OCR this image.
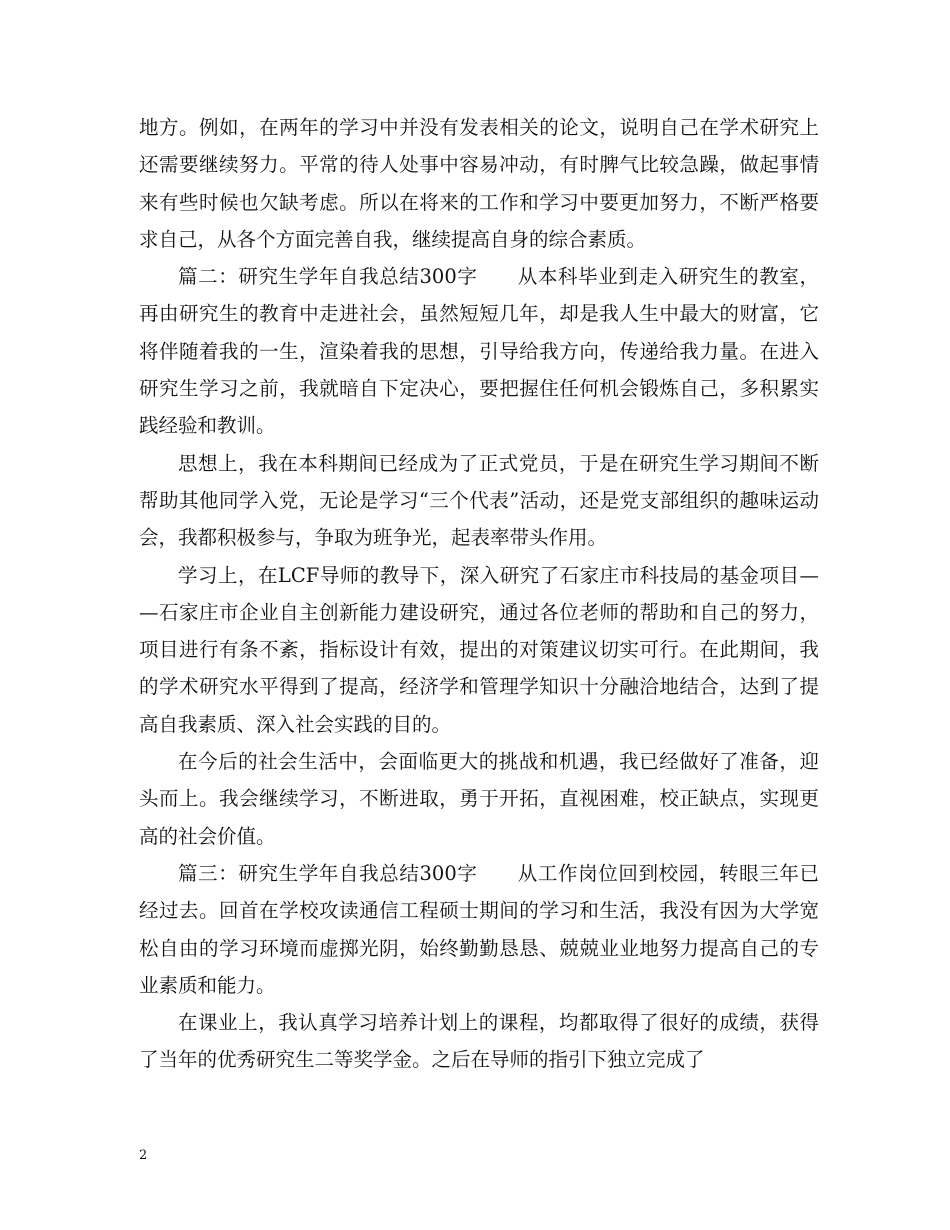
地方。例如，在两年的学习中并没有发表相关的论文，说明自己在学术研究上还需要继续努力。平常的待人处事中容易冲动，有时脾气比较急躁，做起事情来有些时候也欠缺考虑。所以在将来的工作和学习中要更加努力，不断严格要求自己，从各个方面完善自我，继续提高自身的综合素质。

篇二：研究生学年自我总结300字　　从本科毕业到走入研究生的教室，再由研究生的教育中走进社会，虽然短短几年，却是我人生中最大的财富，它将伴随着我的一生，渲染着我的思想，引导给我方向，传递给我力量。在进入研究生学习之前，我就暗自下定决心，要把握住任何机会锻炼自己，多积累实践经验和教训。

思想上，我在本科期间已经成为了正式党员，于是在研究生学习期间不断帮助其他同学入党，无论是学习“三个代表”活动，还是党支部组织的趣味运动会，我都积极参与，争取为班争光，起表率带头作用。

学习上，在LCF导师的教导下，深入研究了石家庄市科技局的基金项目——石家庄市企业自主创新能力建设研究，通过各位老师的帮助和自己的努力，项目进行有条不紊，指标设计有效，提出的对策建议切实可行。在此期间，我的学术研究水平得到了提高，经济学和管理学知识十分融洽地结合，达到了提高自我素质、深入社会实践的目的。

在今后的社会生活中，会面临更大的挑战和机遇，我已经做好了准备，迎头而上。我会继续学习，不断进取，勇于开拓，直视困难，校正缺点，实现更高的社会价值。

篇三：研究生学年自我总结300字　　从工作岗位回到校园，转眼三年已经过去。回首在学校攻读通信工程硕士期间的学习和生活，我没有因为大学宽松自由的学习环境而虚掷光阴，始终勤勤恳恳、兢兢业业地努力提高自己的专业素质和能力。

在课业上，我认真学习培养计划上的课程，均都取得了很好的成绩，获得了当年的优秀研究生二等奖学金。之后在导师的指引下独立完成了

2
